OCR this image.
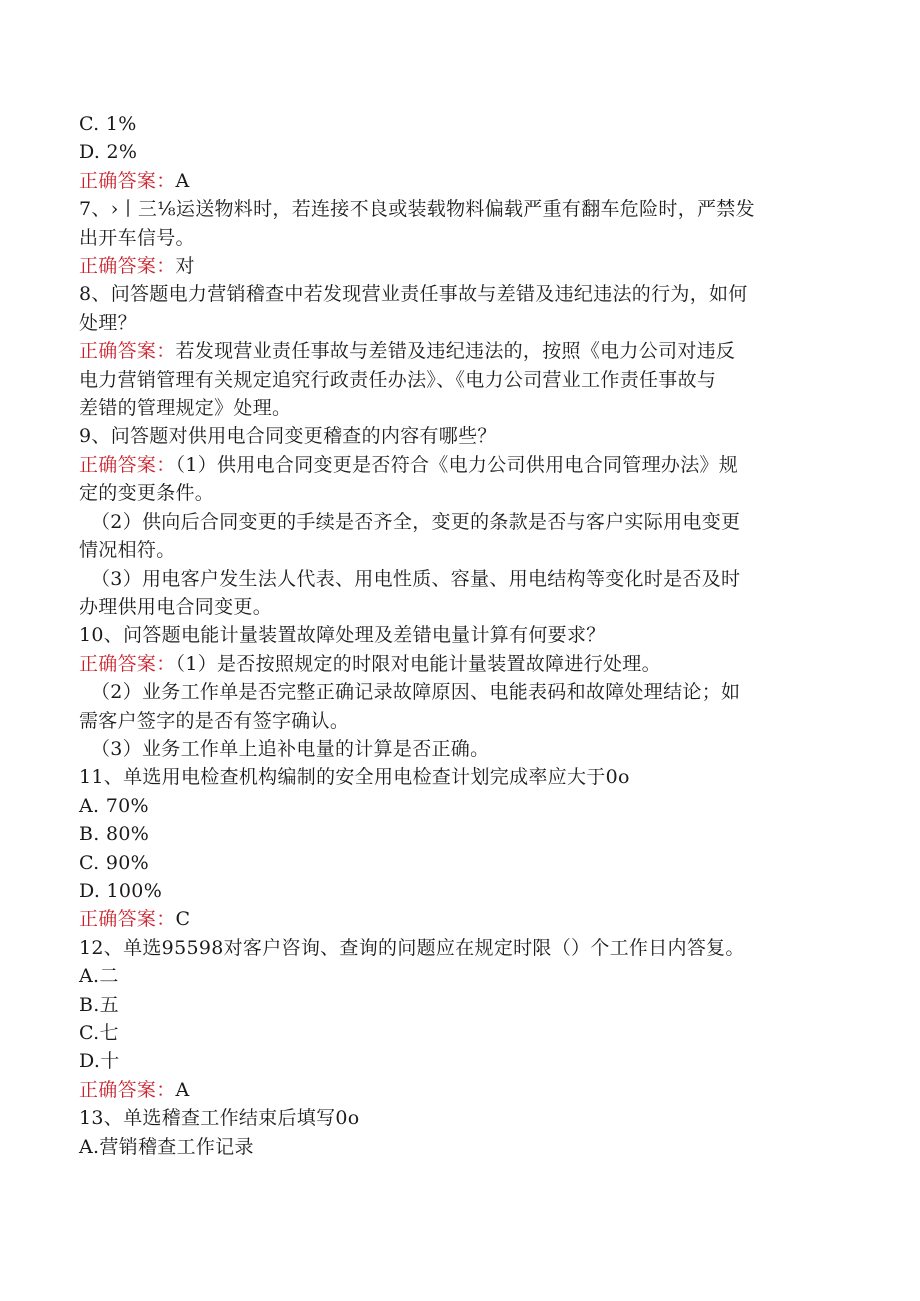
C. 1%
D. 2%
正确答案：A
7、›丨三⅛运送物料时，若连接不良或装载物料偏载严重有翻车危险时，严禁发
出开车信号。
正确答案：对
8、问答题电力营销稽查中若发现营业责任事故与差错及违纪违法的行为，如何
处理？
正确答案：若发现营业责任事故与差错及违纪违法的，按照《电力公司对违反
电力营销管理有关规定追究行政责任办法》、《电力公司营业工作责任事故与
差错的管理规定》处理。
9、问答题对供用电合同变更稽查的内容有哪些？
正确答案：（1）供用电合同变更是否符合《电力公司供用电合同管理办法》规
定的变更条件。
（2）供向后合同变更的手续是否齐全，变更的条款是否与客户实际用电变更
情况相符。
（3）用电客户发生法人代表、用电性质、容量、用电结构等变化时是否及时
办理供用电合同变更。
10、问答题电能计量装置故障处理及差错电量计算有何要求？
正确答案：（1）是否按照规定的时限对电能计量装置故障进行处理。
（2）业务工作单是否完整正确记录故障原因、电能表码和故障处理结论；如
需客户签字的是否有签字确认。
（3）业务工作单上追补电量的计算是否正确。
11、单选用电检查机构编制的安全用电检查计划完成率应大于0o
A. 70%
B. 80%
C. 90%
D. 100%
正确答案：C
12、单选95598对客户咨询、查询的问题应在规定时限（）个工作日内答复。
A.二
B.五
C.七
D.十
正确答案：A
13、单选稽查工作结束后填写0o
A.营销稽查工作记录
